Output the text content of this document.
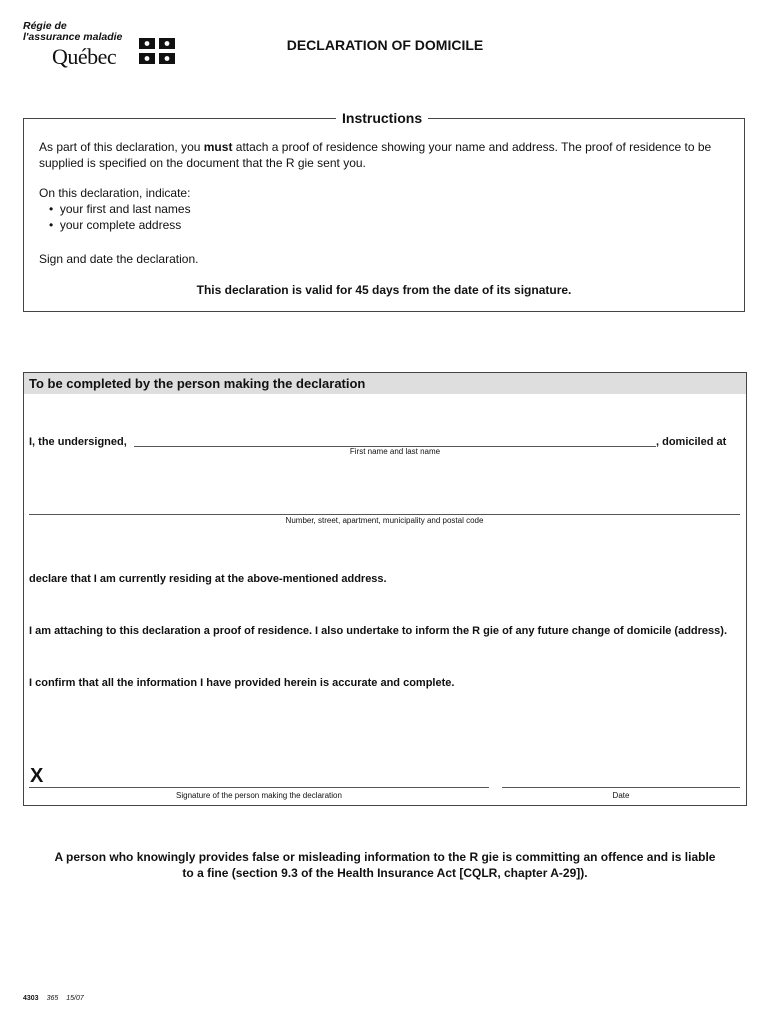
Régie de
l'assurance maladie
Québec	DECLARATION OF DOMICILE
Instructions
As part of this declaration, you must attach a proof of residence showing your name and address. The proof of residence to be
supplied is specified on the document that the R gie sent you.
On this declaration, indicate:
•  your first and last names
•  your complete address
Sign and date the declaration.
This declaration is valid for 45 days from the date of its signature.
To be completed by the person making the declaration
I, the undersigned,	, domiciled at
First name and last name
Number, street, apartment, municipality and postal code
declare that I am currently residing at the above-mentioned address.
I am attaching to this declaration a proof of residence. I also undertake to inform the R gie of any future change of domicile (address).
I confirm that all the information I have provided herein is accurate and complete.
X
Signature of the person making the declaration	Date
A person who knowingly provides false or misleading information to the R gie is committing an offence and is liable
to a fine (section 9.3 of the Health Insurance Act [CQLR, chapter A-29]).
4303 365 15/07
